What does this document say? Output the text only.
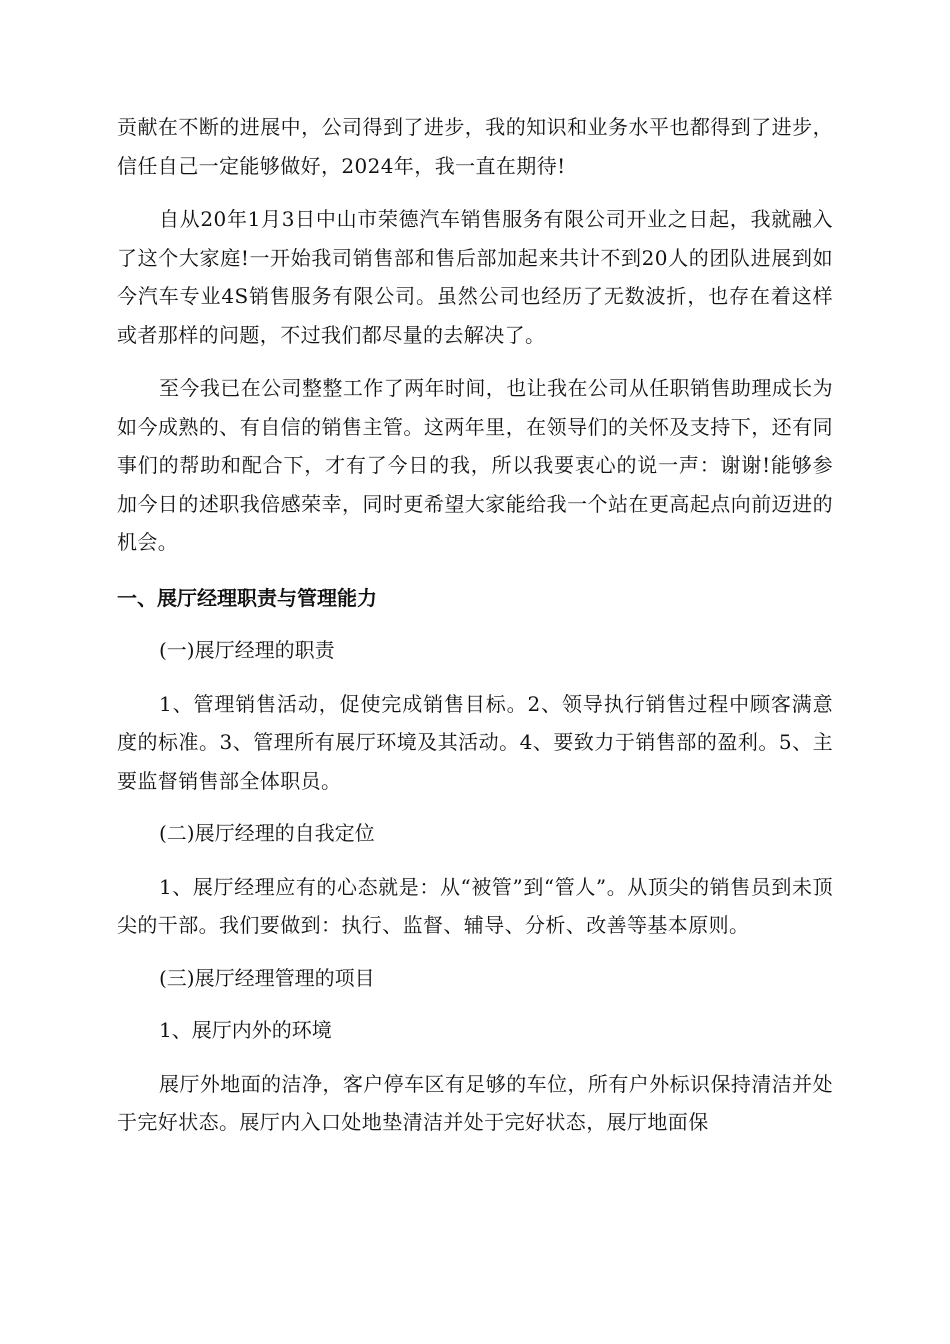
贡献在不断的进展中，公司得到了进步，我的知识和业务水平也都得到了进步，信任自己一定能够做好，2024年，我一直在期待!

自从20年1月3日中山市荣德汽车销售服务有限公司开业之日起，我就融入了这个大家庭!一开始我司销售部和售后部加起来共计不到20人的团队进展到如今汽车专业4S销售服务有限公司。虽然公司也经历了无数波折，也存在着这样或者那样的问题，不过我们都尽量的去解决了。

至今我已在公司整整工作了两年时间，也让我在公司从任职销售助理成长为如今成熟的、有自信的销售主管。这两年里，在领导们的关怀及支持下，还有同事们的帮助和配合下，才有了今日的我，所以我要衷心的说一声：谢谢!能够参加今日的述职我倍感荣幸，同时更希望大家能给我一个站在更高起点向前迈进的机会。

一、展厅经理职责与管理能力

(一)展厅经理的职责

1、管理销售活动，促使完成销售目标。2、领导执行销售过程中顾客满意度的标准。3、管理所有展厅环境及其活动。4、要致力于销售部的盈利。5、主要监督销售部全体职员。

(二)展厅经理的自我定位

1、展厅经理应有的心态就是：从“被管”到“管人”。从顶尖的销售员到未顶尖的干部。我们要做到：执行、监督、辅导、分析、改善等基本原则。

(三)展厅经理管理的项目

1、展厅内外的环境

展厅外地面的洁净，客户停车区有足够的车位，所有户外标识保持清洁并处于完好状态。展厅内入口处地垫清洁并处于完好状态，展厅地面保
